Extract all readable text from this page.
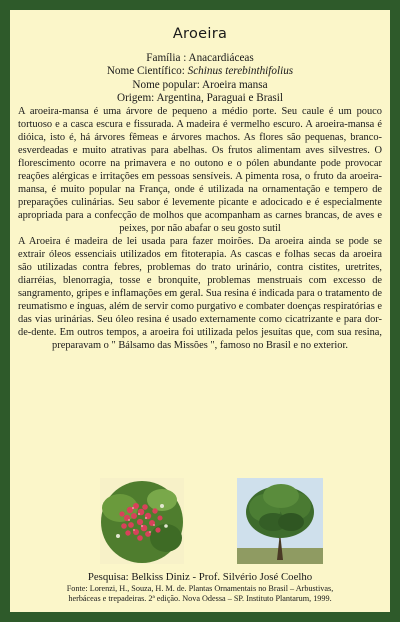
Aroeira
Família : Anacardiáceas
Nome Científico: Schinus terebinthifolius
Nome popular: Aroeira mansa
Origem: Argentina, Paraguai e Brasil

A aroeira-mansa é uma árvore de pequeno a médio porte. Seu caule é um pouco tortuoso e a casca escura e fissurada. A madeira é vermelho escuro. A aroeira-mansa é dióica, isto é, há árvores fêmeas e árvores machos. As flores são pequenas, branco-esverdeadas e muito atrativas para abelhas. Os frutos alimentam aves silvestres. O florescimento ocorre na primavera e no outono e o pólen abundante pode provocar reações alérgicas e irritações em pessoas sensíveis. A pimenta rosa, o fruto da aroeira-mansa, é muito popular na França, onde é utilizada na ornamentação e tempero de preparações culinárias. Seu sabor é levemente picante e adocicado e é especialmente apropriada para a confecção de molhos que acompanham as carnes brancas, de aves e peixes, por não abafar o seu gosto sutil

A Aroeira é madeira de lei usada para fazer moirões. Da aroeira ainda se pode se extrair óleos essenciais utilizados em fitoterapia. As cascas e folhas secas da aroeira são utilizadas contra febres, problemas do trato urinário, contra cistites, uretrites, diarréias, blenorragia, tosse e bronquite, problemas menstruais com excesso de sangramento, gripes e inflamações em geral. Sua resina é indicada para o tratamento de reumatismo e ínguas, além de servir como purgativo e combater doenças respiratórias e das vias urinárias. Seu óleo resina é usado externamente como cicatrizante e para dor-de-dente. Em outros tempos, a aroeira foi utilizada pelos jesuítas que, com sua resina, preparavam o " Bálsamo das Missões ", famoso no Brasil e no exterior.

Pesquisa: Belkiss Diniz - Prof. Silvério José Coelho
Fonte: Lorenzi, H., Souza, H. M. de. Plantas Ornamentais no Brasil – Arbustivas,
herbáceas e trepadeiras. 2ª edição. Nova Odessa – SP. Instituto Plantarum, 1999.
